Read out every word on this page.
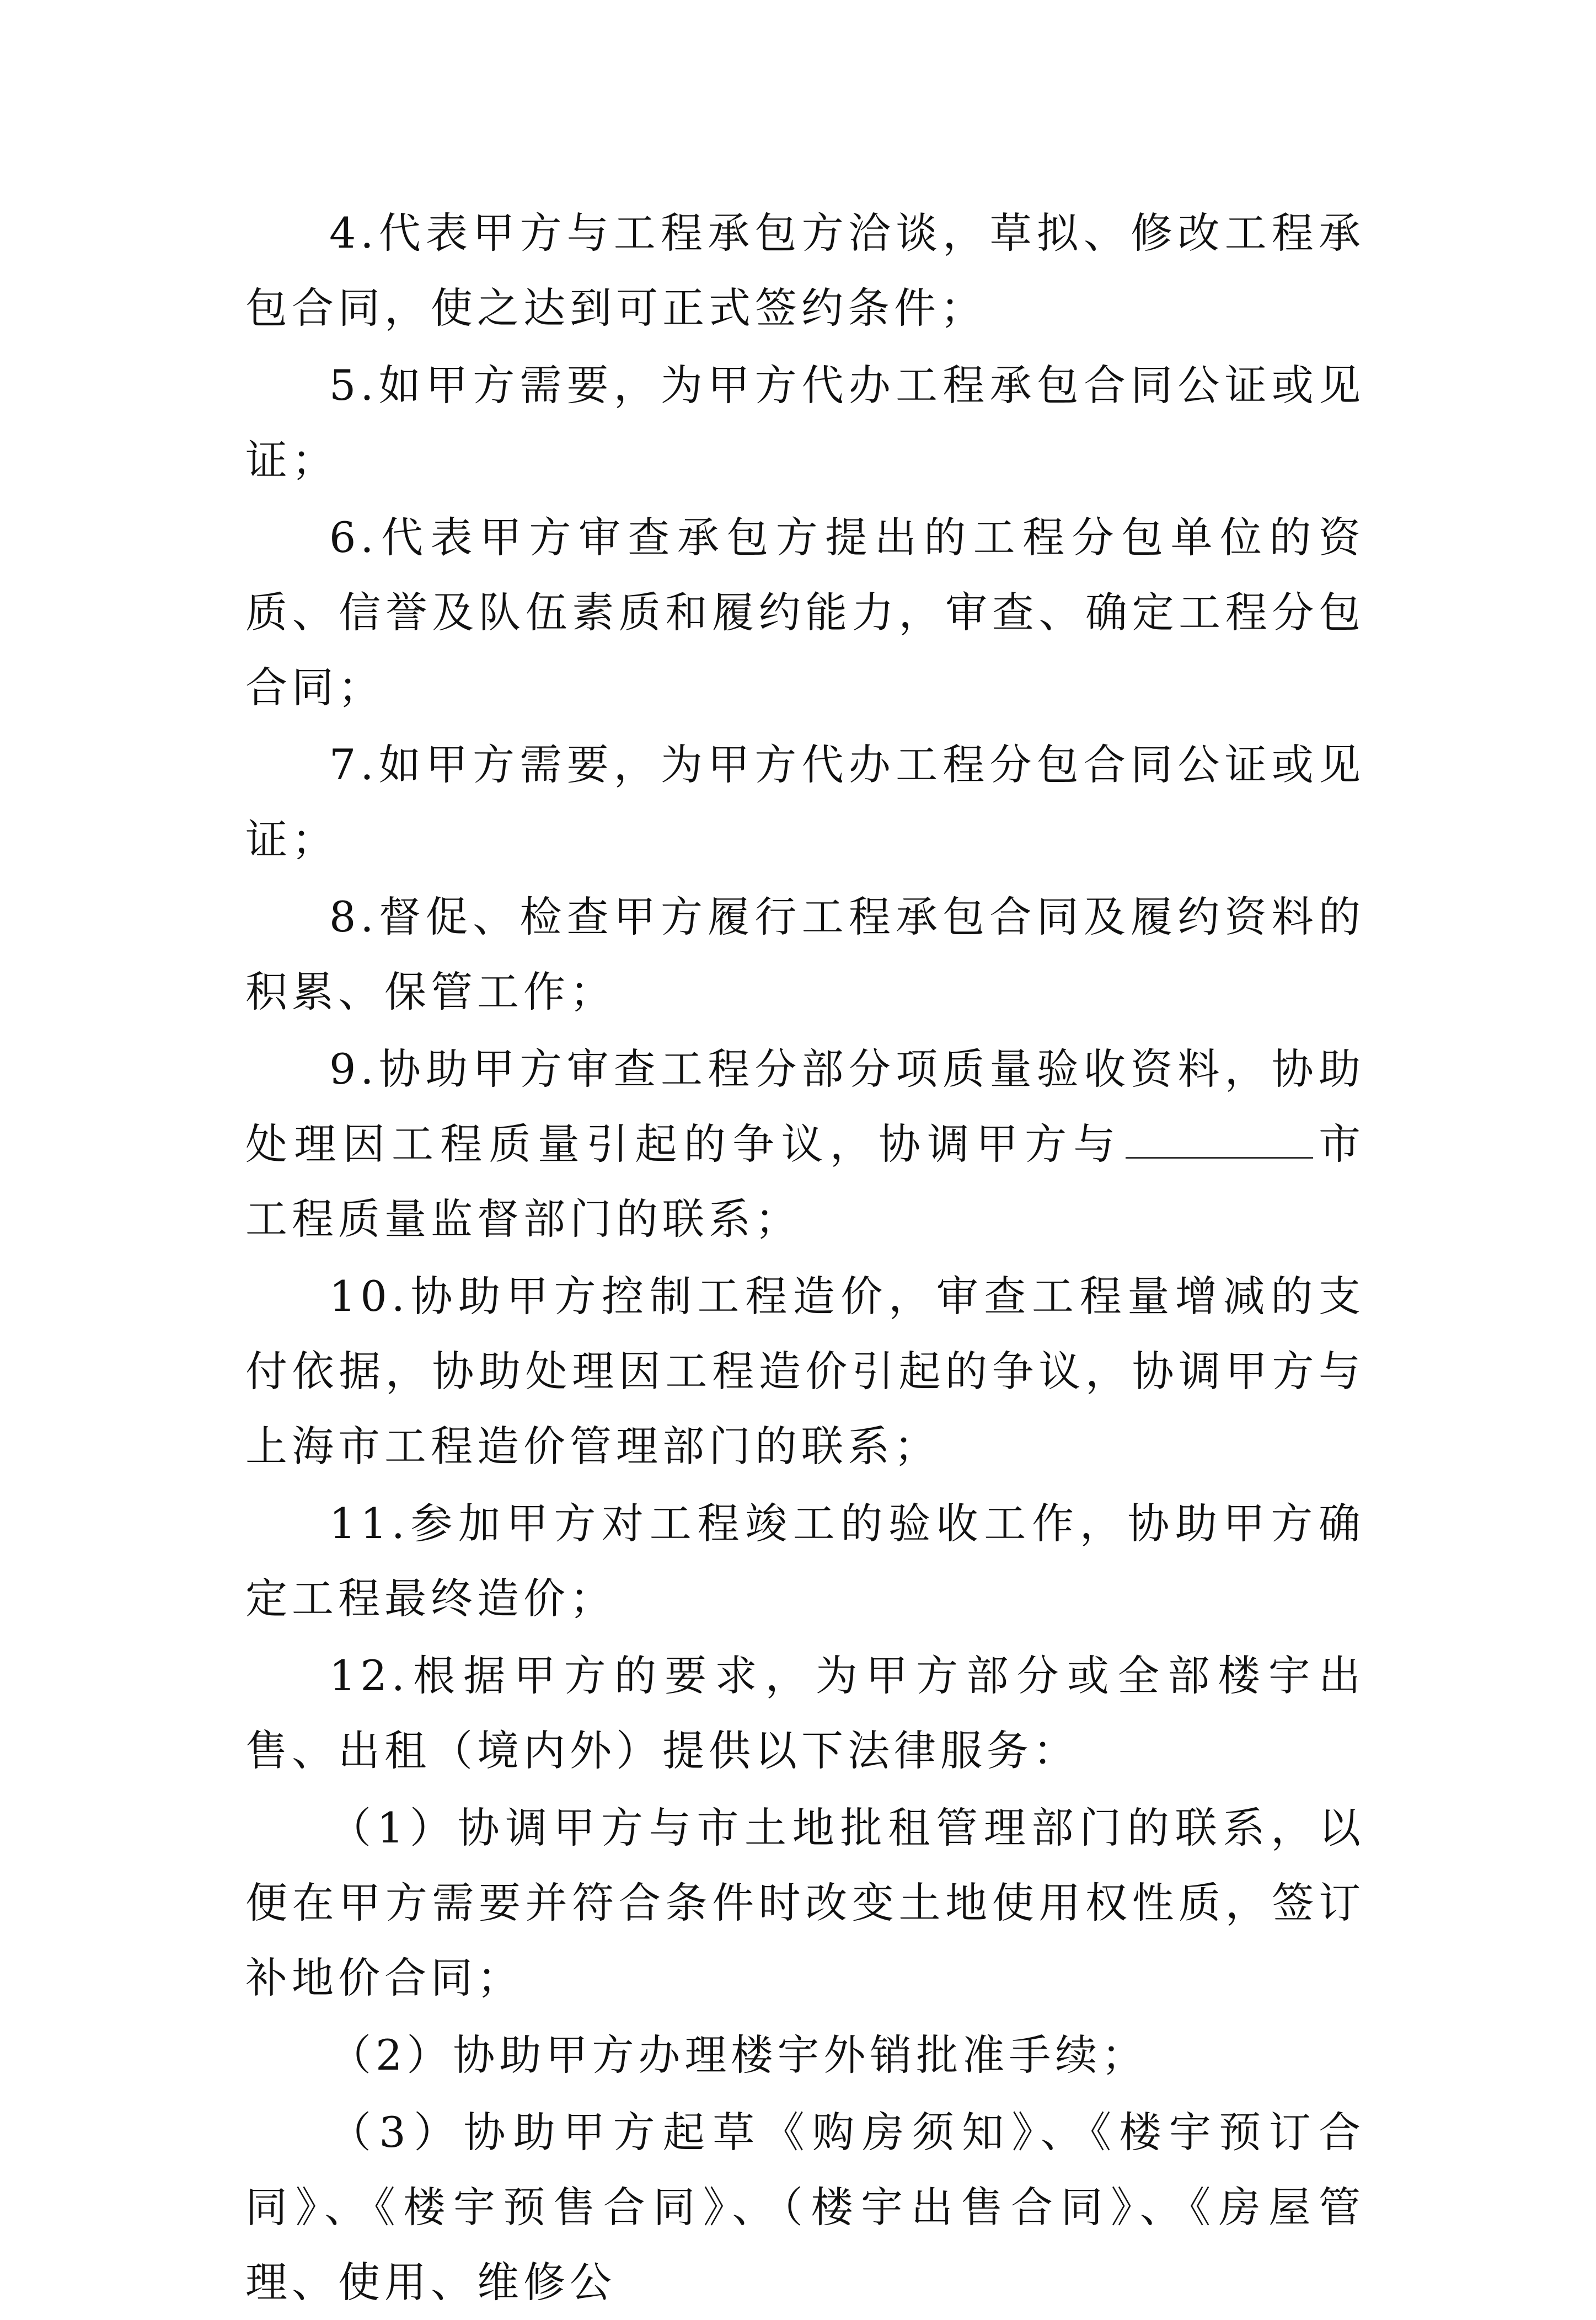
4.代表甲方与工程承包方洽谈，草拟、修改工程承包合同，使之达到可正式签约条件；

5.如甲方需要，为甲方代办工程承包合同公证或见证；

6.代表甲方审查承包方提出的工程分包单位的资质、信誉及队伍素质和履约能力，审查、确定工程分包合同；

7.如甲方需要，为甲方代办工程分包合同公证或见证；

8.督促、检查甲方履行工程承包合同及履约资料的积累、保管工作；

9.协助甲方审查工程分部分项质量验收资料，协助处理因工程质量引起的争议，协调甲方与	市工程质量监督部门的联系；

10.协助甲方控制工程造价，审查工程量增减的支付依据，协助处理因工程造价引起的争议，协调甲方与上海市工程造价管理部门的联系；

11.参加甲方对工程竣工的验收工作，协助甲方确定工程最终造价；

12.根据甲方的要求，为甲方部分或全部楼宇出售、出租（境内外）提供以下法律服务：

（1）协调甲方与市土地批租管理部门的联系，以便在甲方需要并符合条件时改变土地使用权性质，签订补地价合同；

（2）协助甲方办理楼宇外销批准手续；

（3）协助甲方起草《购房须知》、《楼宇预订合同》、《楼宇预售合同》、（楼宇出售合同》、《房屋管理、使用、维修公
